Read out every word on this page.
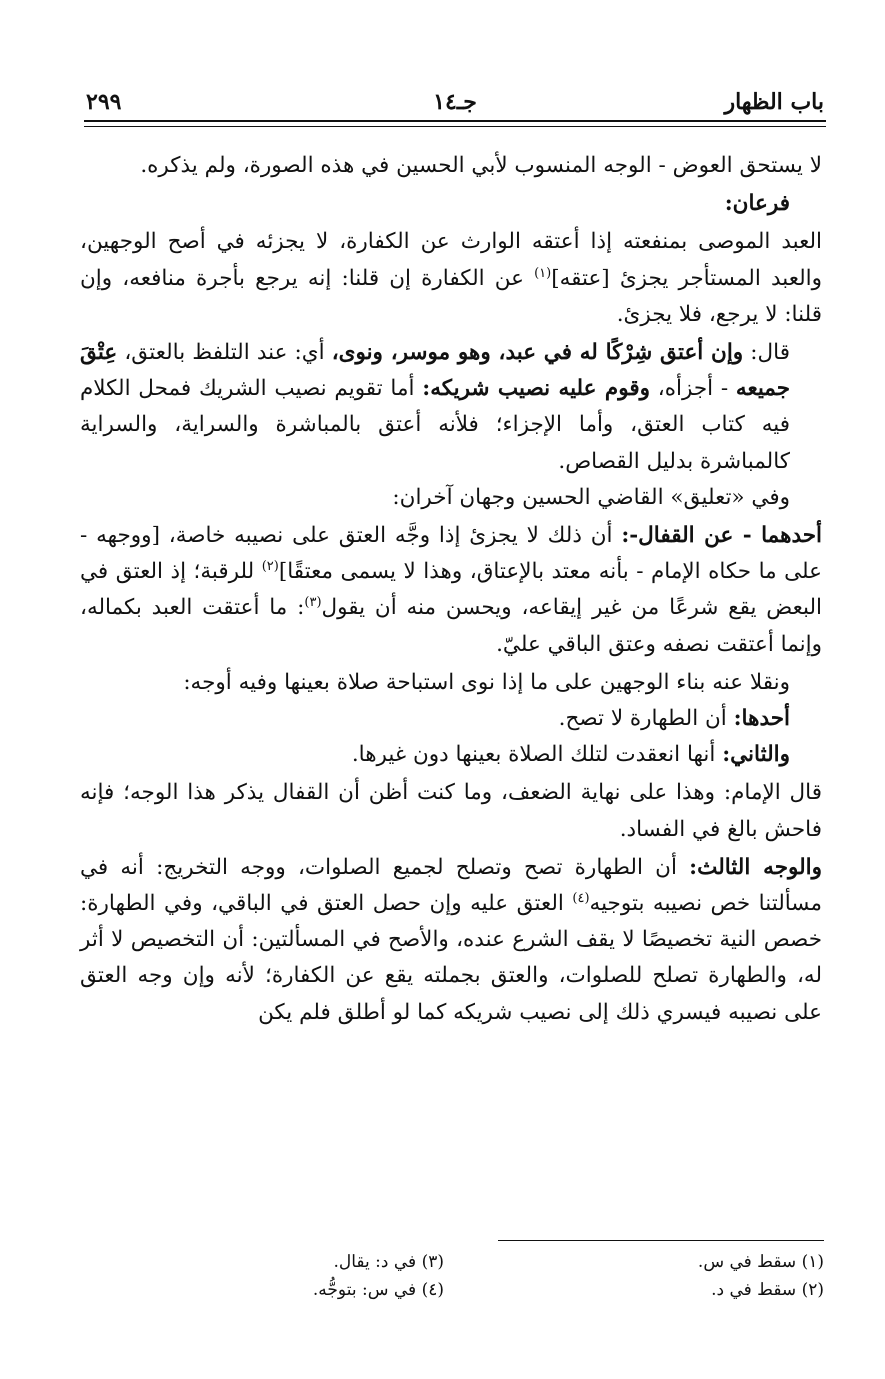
باب الظهار
جـ١٤
٢٩٩

لا يستحق العوض - الوجه المنسوب لأبي الحسين في هذه الصورة، ولم يذكره.

فرعان:

العبد الموصى بمنفعته إذا أعتقه الوارث عن الكفارة، لا يجزئه في أصح الوجهين، والعبد المستأجر يجزئ [عتقه]$^{(١)}$ عن الكفارة إن قلنا: إنه يرجع بأجرة منافعه، وإن قلنا: لا يرجع، فلا يجزئ.

قال: وإن أعتق شِرْكًا له في عبد، وهو موسر، ونوى، أي: عند التلفظ بالعتق، عِتْقَ جميعه - أجزأه، وقوم عليه نصيب شريكه: أما تقويم نصيب الشريك فمحل الكلام فيه كتاب العتق، وأما الإجزاء؛ فلأنه أعتق بالمباشرة والسراية، والسراية كالمباشرة بدليل القصاص.

وفي «تعليق» القاضي الحسين وجهان آخران:

أحدهما - عن القفال-: أن ذلك لا يجزئ إذا وجَّه العتق على نصيبه خاصة، [ووجهه - على ما حكاه الإمام - بأنه معتد بالإعتاق، وهذا لا يسمى معتقًا]$^{(٢)}$ للرقبة؛ إذ العتق في البعض يقع شرعًا من غير إيقاعه، ويحسن منه أن يقول$^{(٣)}$: ما أعتقت العبد بكماله، وإنما أعتقت نصفه وعتق الباقي عليّ.

ونقلا عنه بناء الوجهين على ما إذا نوى استباحة صلاة بعينها وفيه أوجه:

أحدها: أن الطهارة لا تصح.

والثاني: أنها انعقدت لتلك الصلاة بعينها دون غيرها.

قال الإمام: وهذا على نهاية الضعف، وما كنت أظن أن القفال يذكر هذا الوجه؛ فإنه فاحش بالغ في الفساد.

والوجه الثالث: أن الطهارة تصح وتصلح لجميع الصلوات، ووجه التخريج: أنه في مسألتنا خص نصيبه بتوجيه$^{(٤)}$ العتق عليه وإن حصل العتق في الباقي، وفي الطهارة: خصص النية تخصيصًا لا يقف الشرع عنده، والأصح في المسألتين: أن التخصيص لا أثر له، والطهارة تصلح للصلوات، والعتق بجملته يقع عن الكفارة؛ لأنه وإن وجه العتق على نصيبه فيسري ذلك إلى نصيب شريكه كما لو أطلق فلم يكن

(١) سقط في س.
(٢) سقط في د.
(٣) في د: يقال.
(٤) في س: بتوجُّه.
